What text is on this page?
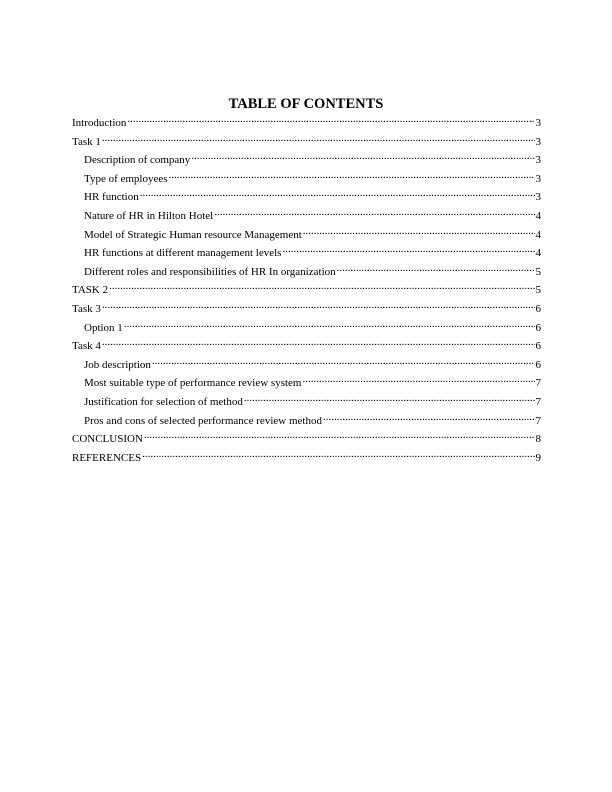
TABLE OF CONTENTS
Introduction .....	3
Task 1 .....	3
Description of company .....	3
Type of employees .....	3
HR function .....	3
Nature of HR in Hilton Hotel .....	4
Model of Strategic Human resource Management .....	4
HR functions at different management levels .....	4
Different roles and responsibilities of HR In organization .....	5
TASK 2 .....	5
Task 3 .....	6
Option 1 .....	6
Task 4 .....	6
Job description .....	6
Most suitable type of performance review system .....	7
Justification for selection of method .....	7
Pros and cons of selected performance review method .....	7
CONCLUSION .....	8
REFERENCES .....	9
